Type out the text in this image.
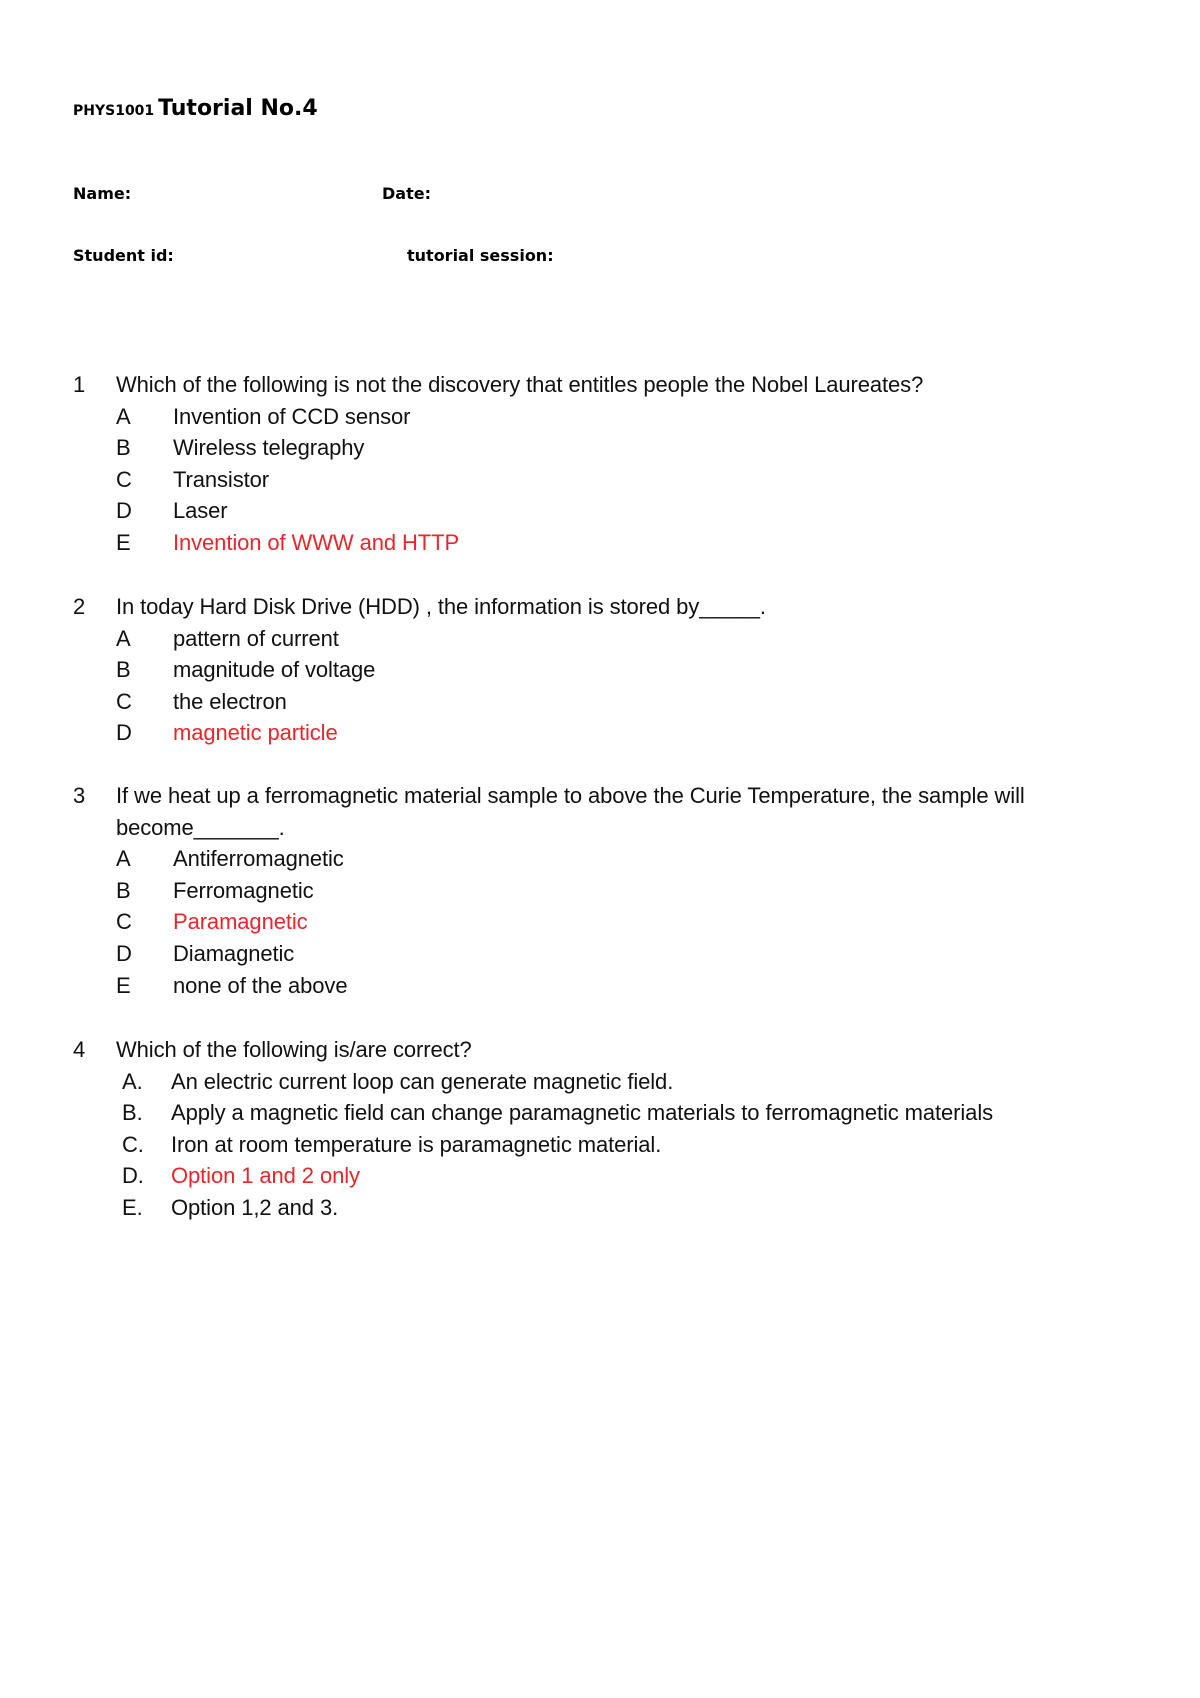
PHYS1001 Tutorial No.4
Name:	Date:
Student id:	tutorial session:
1	Which of the following is not the discovery that entitles people the Nobel Laureates?
A	Invention of CCD sensor
B	Wireless telegraphy
C	Transistor
D	Laser
E	Invention of WWW and HTTP
2	In today Hard Disk Drive (HDD) , the information is stored by_____.
A	pattern of current
B	magnitude of voltage
C	the electron
D	magnetic particle
3	If we heat up a ferromagnetic material sample to above the Curie Temperature, the sample will become_______.
A	Antiferromagnetic
B	Ferromagnetic
C	Paramagnetic
D	Diamagnetic
E	none of the above
4	Which of the following is/are correct?
A.	An electric current loop can generate magnetic field.
B.	Apply a magnetic field can change paramagnetic materials to ferromagnetic materials
C.	Iron at room temperature is paramagnetic material.
D.	Option 1 and 2 only
E.	Option 1,2 and 3.
